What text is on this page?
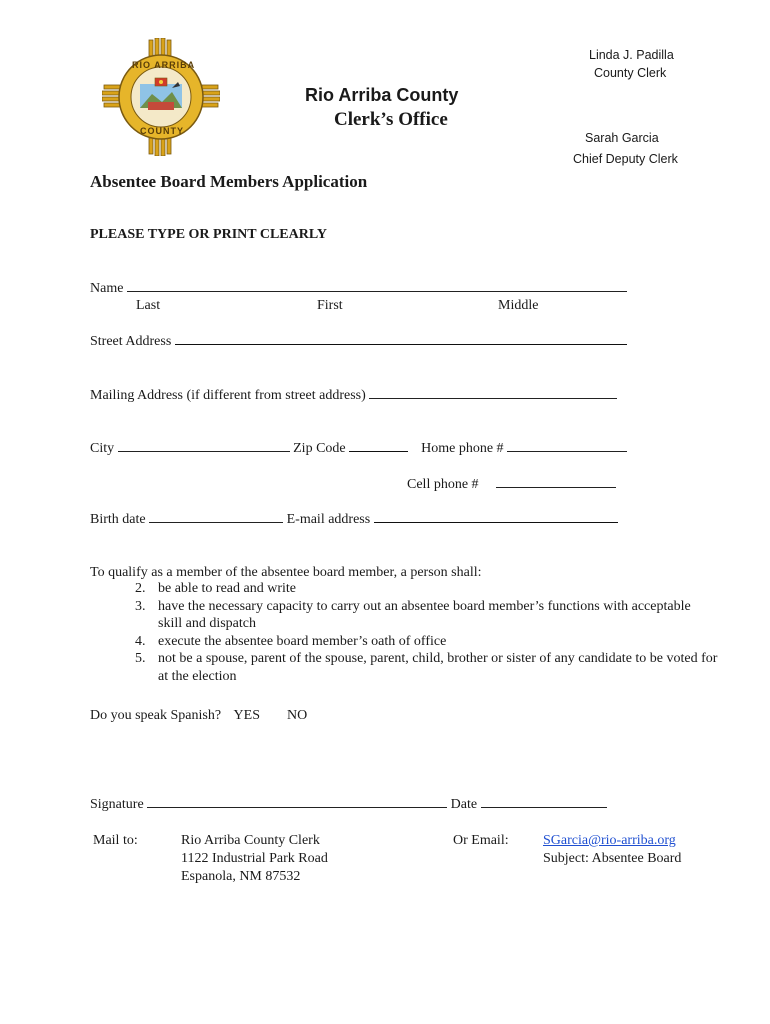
RIO ARRIBA
COUNTY
Rio Arriba County
Clerk’s Office
Linda J. Padilla
County Clerk
Sarah Garcia
Chief Deputy Clerk
Absentee Board Members Application
PLEASE TYPE OR PRINT CLEARLY
Name
Last	First	Middle
Street Address
Mailing Address (if different from street address)
City	Zip Code	Home phone #
Cell phone #
Birth date	E-mail address
To qualify as a member of the absentee board member, a person shall:
2. be able to read and write
3. have the necessary capacity to carry out an absentee board member’s functions with acceptable skill and dispatch
4. execute the absentee board member’s oath of office
5. not be a spouse, parent of the spouse, parent, child, brother or sister of any candidate to be voted for at the election
Do you speak Spanish? YES NO
Signature	Date
Mail to:	Rio Arriba County Clerk
1122 Industrial Park Road
Espanola, NM 87532
Or Email: SGarcia@rio-arriba.org
Subject: Absentee Board
